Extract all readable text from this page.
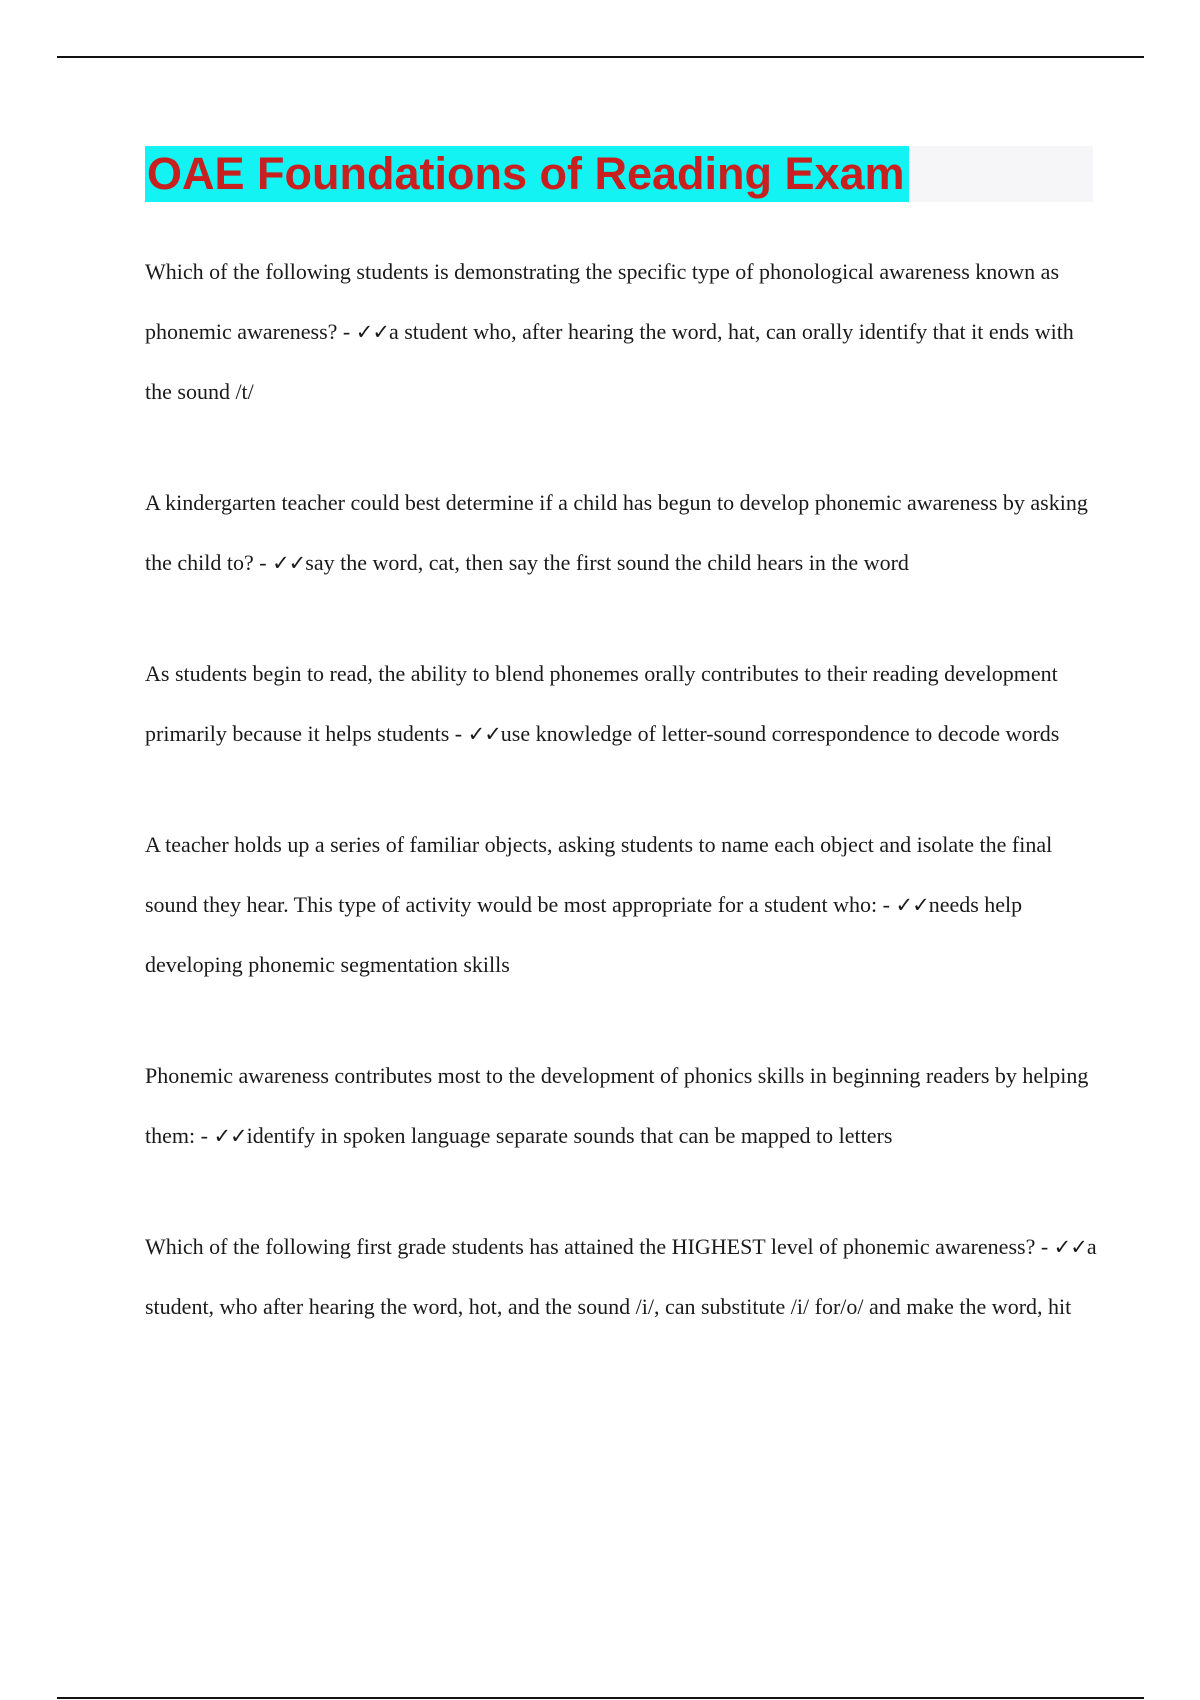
OAE Foundations of Reading Exam

Which of the following students is demonstrating the specific type of phonological awareness known as phonemic awareness? - ✓✓a student who, after hearing the word, hat, can orally identify that it ends with the sound /t/

A kindergarten teacher could best determine if a child has begun to develop phonemic awareness by asking the child to? - ✓✓say the word, cat, then say the first sound the child hears in the word

As students begin to read, the ability to blend phonemes orally contributes to their reading development primarily because it helps students - ✓✓use knowledge of letter-sound correspondence to decode words

A teacher holds up a series of familiar objects, asking students to name each object and isolate the final sound they hear. This type of activity would be most appropriate for a student who: - ✓✓needs help developing phonemic segmentation skills

Phonemic awareness contributes most to the development of phonics skills in beginning readers by helping them: - ✓✓identify in spoken language separate sounds that can be mapped to letters

Which of the following first grade students has attained the HIGHEST level of phonemic awareness? - ✓✓a student, who after hearing the word, hot, and the sound /i/, can substitute /i/ for/o/ and make the word, hit
